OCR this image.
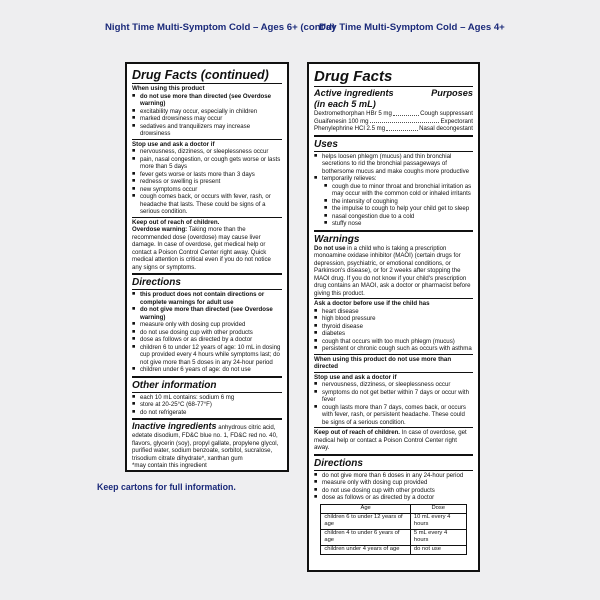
Night Time Multi-Symptom Cold – Ages 6+ (cont'd)
Day Time Multi-Symptom Cold – Ages 4+
Drug Facts (continued)
When using this product
■ do not use more than directed (see Overdose warning)
■ excitability may occur, especially in children
■ marked drowsiness may occur
■ sedatives and tranquilizers may increase drowsiness
Stop use and ask a doctor if
■ nervousness, dizziness, or sleeplessness occur
■ pain, nasal congestion, or cough gets worse or lasts more than 5 days
■ fever gets worse or lasts more than 3 days
■ redness or swelling is present
■ new symptoms occur
■ cough comes back, or occurs with fever, rash, or headache that lasts. These could be signs of a serious condition.
Keep out of reach of children.
Overdose warning: Taking more than the recommended dose (overdose) may cause liver damage. In case of overdose, get medical help or contact a Poison Control Center right away. Quick medical attention is critical even if you do not notice any signs or symptoms.
Directions
■ this product does not contain directions or complete warnings for adult use
■ do not give more than directed (see Overdose warning)
■ measure only with dosing cup provided
■ do not use dosing cup with other products
■ dose as follows or as directed by a doctor
■ children 6 to under 12 years of age: 10 mL in dosing cup provided every 4 hours while symptoms last; do not give more than 5 doses in any 24-hour period
■ children under 6 years of age: do not use
Other information
■ each 10 mL contains: sodium 6 mg
■ store at 20-25°C (68-77°F)
■ do not refrigerate
Inactive ingredients anhydrous citric acid, edetate disodium, FD&C blue no. 1, FD&C red no. 40, flavors, glycerin (soy), propyl gallate, propylene glycol, purified water, sodium benzoate, sorbitol, sucralose, trisodium citrate dihydrate*, xanthan gum
*may contain this ingredient
Keep cartons for full information.
Drug Facts
Active ingredients	Purposes
(in each 5 mL)
Dextromethorphan HBr 5 mg	Cough suppressant
Guaifenesin 100 mg	Expectorant
Phenylephrine HCl 2.5 mg	Nasal decongestant
Uses
■ helps loosen phlegm (mucus) and thin bronchial secretions to rid the bronchial passageways of bothersome mucus and make coughs more productive
■ temporarily relieves:
■ cough due to minor throat and bronchial irritation as may occur with the common cold or inhaled irritants
■ the intensity of coughing
■ the impulse to cough to help your child get to sleep
■ nasal congestion due to a cold
■ stuffy nose
Warnings
Do not use in a child who is taking a prescription monoamine oxidase inhibitor (MAOI) (certain drugs for depression, psychiatric, or emotional conditions, or Parkinson's disease), or for 2 weeks after stopping the MAOI drug. If you do not know if your child's prescription drug contains an MAOI, ask a doctor or pharmacist before giving this product.
Ask a doctor before use if the child has
■ heart disease
■ high blood pressure
■ thyroid disease
■ diabetes
■ cough that occurs with too much phlegm (mucus)
■ persistent or chronic cough such as occurs with asthma
When using this product do not use more than directed
Stop use and ask a doctor if
■ nervousness, dizziness, or sleeplessness occur
■ symptoms do not get better within 7 days or occur with fever
■ cough lasts more than 7 days, comes back, or occurs with fever, rash, or persistent headache. These could be signs of a serious condition.
Keep out of reach of children. In case of overdose, get medical help or contact a Poison Control Center right away.
Directions
■ do not give more than 6 doses in any 24-hour period
■ measure only with dosing cup provided
■ do not use dosing cup with other products
■ dose as follows or as directed by a doctor
Age	Dose
children 6 to under 12 years of age	10 mL every 4 hours
children 4 to under 6 years of age	5 mL every 4 hours
children under 4 years of age	do not use
